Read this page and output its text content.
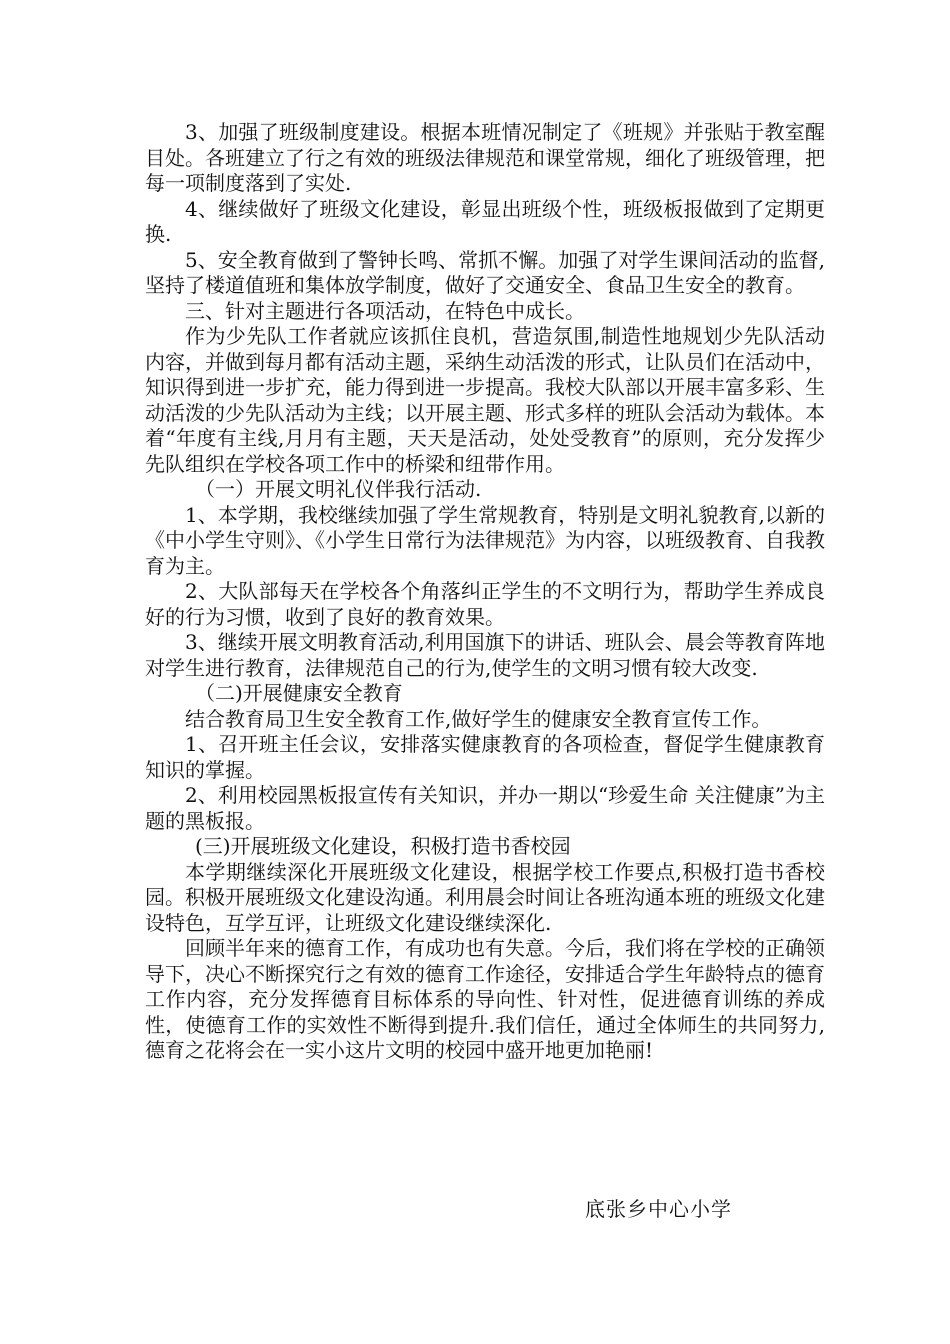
3、加强了班级制度建设。根据本班情况制定了《班规》并张贴于教室醒目处。各班建立了行之有效的班级法律规范和课堂常规，细化了班级管理，把每一项制度落到了实处.

4、继续做好了班级文化建设，彰显出班级个性，班级板报做到了定期更换.

5、安全教育做到了警钟长鸣、常抓不懈。加强了对学生课间活动的监督,坚持了楼道值班和集体放学制度，做好了交通安全、食品卫生安全的教育。

三、针对主题进行各项活动，在特色中成长。

作为少先队工作者就应该抓住良机，营造氛围,制造性地规划少先队活动内容，并做到每月都有活动主题，采纳生动活泼的形式，让队员们在活动中，知识得到进一步扩充，能力得到进一步提高。我校大队部以开展丰富多彩、生动活泼的少先队活动为主线；以开展主题、形式多样的班队会活动为载体。本着“年度有主线,月月有主题，天天是活动，处处受教育”的原则，充分发挥少先队组织在学校各项工作中的桥梁和纽带作用。

（一）开展文明礼仪伴我行活动.

1、本学期，我校继续加强了学生常规教育，特别是文明礼貌教育,以新的《中小学生守则》、《小学生日常行为法律规范》为内容，以班级教育、自我教育为主。

2、大队部每天在学校各个角落纠正学生的不文明行为，帮助学生养成良好的行为习惯，收到了良好的教育效果。

3、继续开展文明教育活动,利用国旗下的讲话、班队会、晨会等教育阵地对学生进行教育，法律规范自己的行为,使学生的文明习惯有较大改变.

（二)开展健康安全教育

结合教育局卫生安全教育工作,做好学生的健康安全教育宣传工作。

1、召开班主任会议，安排落实健康教育的各项检查，督促学生健康教育知识的掌握。

2、利用校园黑板报宣传有关知识，并办一期以“珍爱生命 关注健康”为主题的黑板报。

(三)开展班级文化建设，积极打造书香校园

本学期继续深化开展班级文化建设，根据学校工作要点,积极打造书香校园。积极开展班级文化建设沟通。利用晨会时间让各班沟通本班的班级文化建设特色，互学互评，让班级文化建设继续深化.

回顾半年来的德育工作，有成功也有失意。今后，我们将在学校的正确领导下，决心不断探究行之有效的德育工作途径，安排适合学生年龄特点的德育工作内容，充分发挥德育目标体系的导向性、针对性，促进德育训练的养成性，使德育工作的实效性不断得到提升.我们信任，通过全体师生的共同努力,德育之花将会在一实小这片文明的校园中盛开地更加艳丽!

底张乡中心小学
